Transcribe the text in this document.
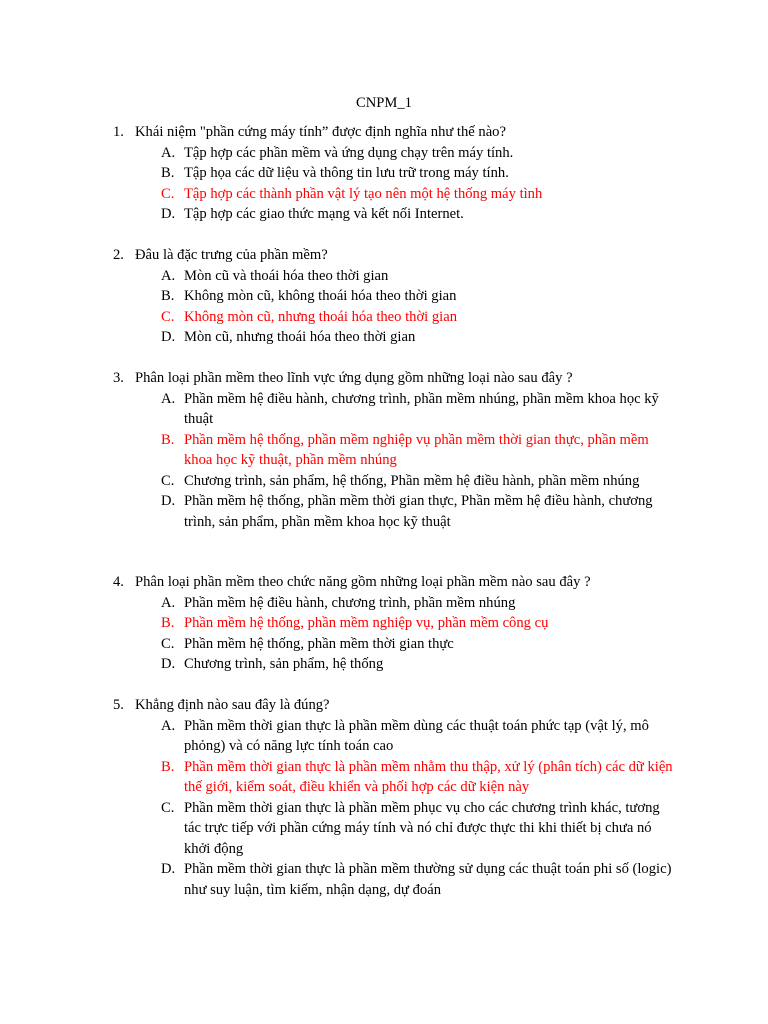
CNPM_1
1. Khái niệm "phần cứng máy tính” được định nghĩa như thế nào?
A. Tập hợp các phần mềm và ứng dụng chạy trên máy tính.
B. Tập họa các dữ liệu và thông tin lưu trữ trong máy tính.
C. Tập hợp các thành phần vật lý tạo nên một hệ thống máy tình
D. Tập hợp các giao thức mạng và kết nối Internet.
2. Đâu là đặc trưng của phần mềm?
A. Mòn cũ và thoái hóa theo thời gian
B. Không mòn cũ, không thoái hóa theo thời gian
C. Không mòn cũ, nhưng thoái hóa theo thời gian
D. Mòn cũ, nhưng thoái hóa theo thời gian
3. Phân loại phần mềm theo lĩnh vực ứng dụng gồm những loại nào sau đây ?
A. Phần mềm hệ điều hành, chương trình, phần mềm nhúng, phần mềm khoa học kỹ thuật
B. Phần mềm hệ thống, phần mềm nghiệp vụ phần mềm thời gian thực, phần mềm khoa học kỹ thuật, phần mềm nhúng
C. Chương trình, sản phẩm, hệ thống, Phần mềm hệ điều hành, phần mềm nhúng
D. Phần mềm hệ thống, phần mềm thời gian thực, Phần mềm hệ điều hành, chương trình, sản phẩm, phần mềm khoa học kỹ thuật
4. Phân loại phần mềm theo chức năng gồm những loại phần mềm nào sau đây ?
A. Phần mềm hệ điều hành, chương trình, phần mềm nhúng
B. Phần mềm hệ thống, phần mềm nghiệp vụ, phần mềm công cụ
C. Phần mềm hệ thống, phần mềm thời gian thực
D. Chương trình, sản phẩm, hệ thống
5. Khẳng định nào sau đây là đúng?
A. Phần mềm thời gian thực là phần mềm dùng các thuật toán phức tạp (vật lý, mô phỏng) và có năng lực tính toán cao
B. Phần mềm thời gian thực là phần mềm nhằm thu thập, xử lý (phân tích) các dữ kiện thế giới, kiểm soát, điều khiển và phối hợp các dữ kiện này
C. Phần mềm thời gian thực là phần mềm phục vụ cho các chương trình khác, tương tác trực tiếp với phần cứng máy tính và nó chỉ được thực thi khi thiết bị chưa nó khởi động
D. Phần mềm thời gian thực là phần mềm thường sử dụng các thuật toán phi số (logic) như suy luận, tìm kiếm, nhận dạng, dự đoán
